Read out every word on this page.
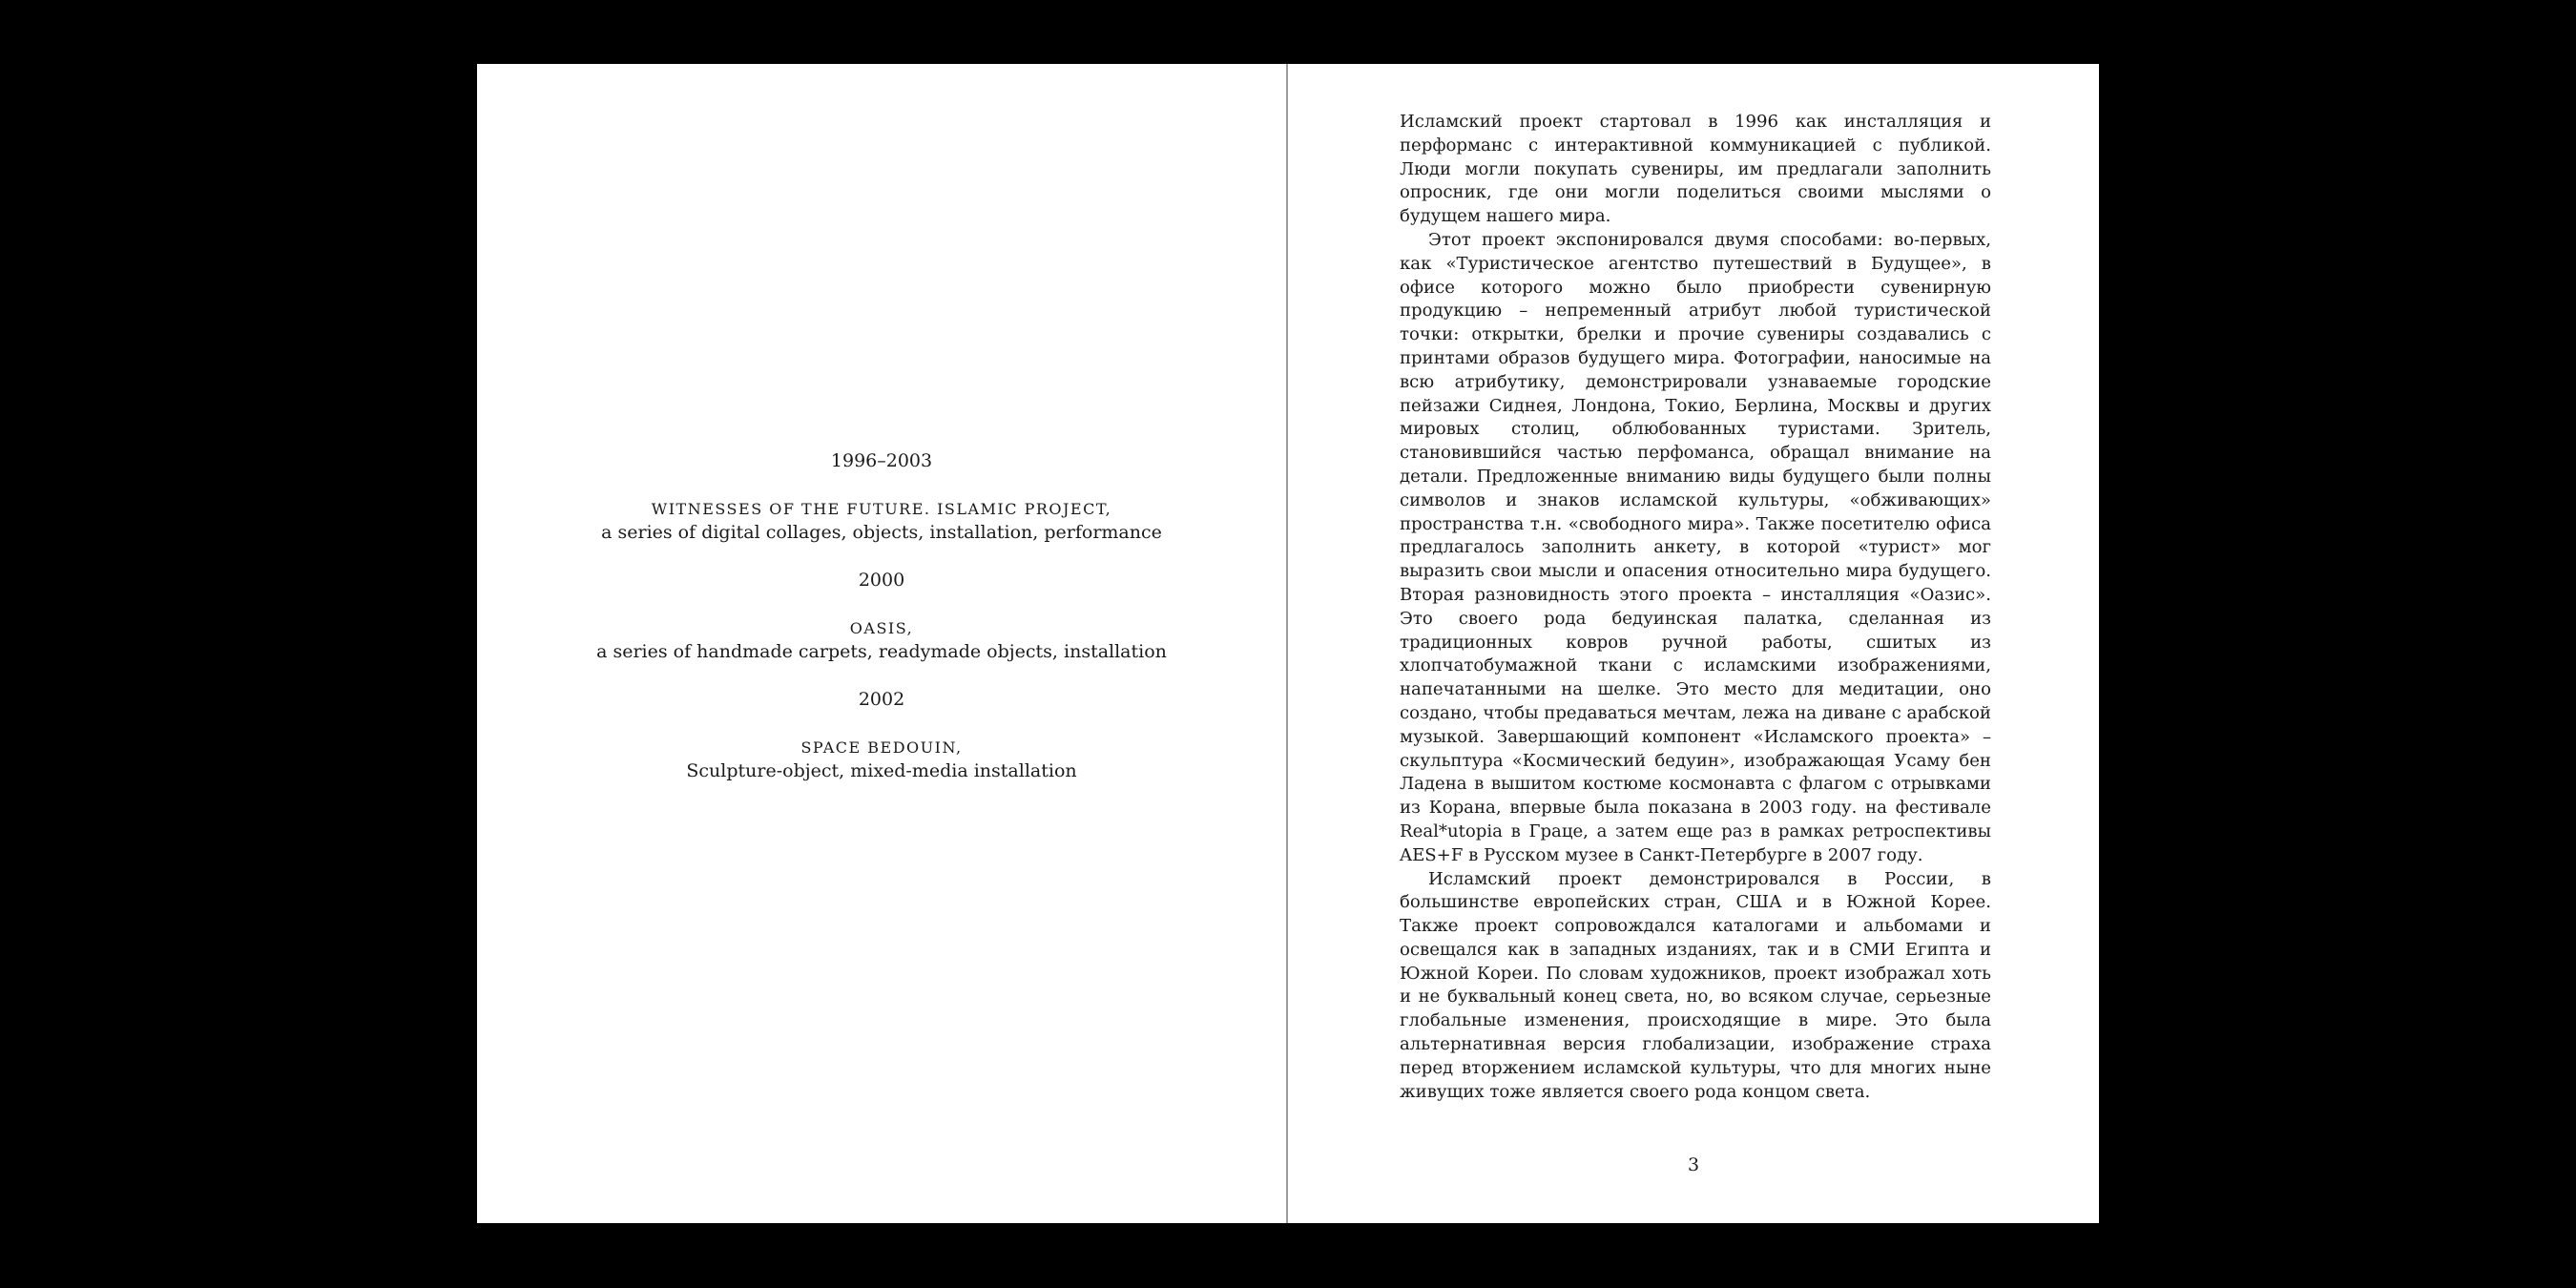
1996–2003
WITNESSES OF THE FUTURE. ISLAMIC PROJECT,
a series of digital collages, objects, installation, performance
2000
OASIS,
a series of handmade carpets, readymade objects, installation
2002
SPACE BEDOUIN,
Sculpture-object, mixed-media installation

Исламский проект стартовал в 1996 как инсталляция и перформанс с интерактивной коммуникацией с публикой. Люди могли покупать сувениры, им предлагали заполнить опросник, где они могли поделиться своими мыслями о будущем нашего мира.

Этот проект экспонировался двумя способами: во-первых, как «Туристическое агентство путешествий в Будущее», в офисе которого можно было приобрести сувенирную продукцию – непременный атрибут любой туристической точки: открытки, брелки и прочие сувениры создавались с принтами образов будущего мира. Фотографии, наносимые на всю атрибутику, демонстрировали узнаваемые городские пейзажи Сиднея, Лондона, Токио, Берлина, Москвы и других мировых столиц, облюбованных туристами. Зритель, становившийся частью перфоманса, обращал внимание на детали. Предложенные вниманию виды будущего были полны символов и знаков исламской культуры, «обживающих» пространства т.н. «свободного мира». Также посетителю офиса предлагалось заполнить анкету, в которой «турист» мог выразить свои мысли и опасения относительно мира будущего. Вторая разновидность этого проекта – инсталляция «Оазис». Это своего рода бедуинская палатка, сделанная из традиционных ковров ручной работы, сшитых из хлопчатобумажной ткани с исламскими изображениями, напечатанными на шелке. Это место для медитации, оно создано, чтобы предаваться мечтам, лежа на диване с арабской музыкой. Завершающий компонент «Исламского проекта» – скульптура «Космический бедуин», изображающая Усаму бен Ладена в вышитом костюме космонавта с флагом с отрывками из Корана, впервые была показана в 2003 году. на фестивале Real*utopia в Граце, а затем еще раз в рамках ретроспективы AES+F в Русском музее в Санкт-Петербурге в 2007 году.

Исламский проект демонстрировался в России, в большинстве европейских стран, США и в Южной Корее. Также проект сопровождался каталогами и альбомами и освещался как в западных изданиях, так и в СМИ Египта и Южной Кореи. По словам художников, проект изображал хоть и не буквальный конец света, но, во всяком случае, серьезные глобальные изменения, происходящие в мире. Это была альтернативная версия глобализации, изображение страха перед вторжением исламской культуры, что для многих ныне живущих тоже является своего рода концом света.

3
